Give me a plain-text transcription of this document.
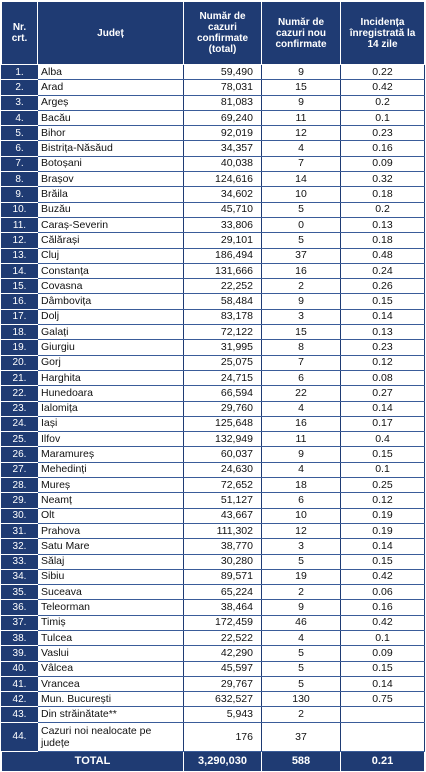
Nr. crt.	Județ	Număr de cazuri confirmate (total)	Număr de cazuri nou confirmate	Incidența înregistrată la 14 zile
1.	Alba	59,490	9	0.22
2.	Arad	78,031	15	0.42
3.	Argeș	81,083	9	0.2
4.	Bacău	69,240	11	0.1
5.	Bihor	92,019	12	0.23
6.	Bistrița-Năsăud	34,357	4	0.16
7.	Botoșani	40,038	7	0.09
8.	Brașov	124,616	14	0.32
9.	Brăila	34,602	10	0.18
10.	Buzău	45,710	5	0.2
11.	Caraș-Severin	33,806	0	0.13
12.	Călărași	29,101	5	0.18
13.	Cluj	186,494	37	0.48
14.	Constanța	131,666	16	0.24
15.	Covasna	22,252	2	0.26
16.	Dâmbovița	58,484	9	0.15
17.	Dolj	83,178	3	0.14
18.	Galați	72,122	15	0.13
19.	Giurgiu	31,995	8	0.23
20.	Gorj	25,075	7	0.12
21.	Harghita	24,715	6	0.08
22.	Hunedoara	66,594	22	0.27
23.	Ialomița	29,760	4	0.14
24.	Iași	125,648	16	0.17
25.	Ilfov	132,949	11	0.4
26.	Maramureș	60,037	9	0.15
27.	Mehedinți	24,630	4	0.1
28.	Mureș	72,652	18	0.25
29.	Neamț	51,127	6	0.12
30.	Olt	43,667	10	0.19
31.	Prahova	111,302	12	0.19
32.	Satu Mare	38,770	3	0.14
33.	Sălaj	30,280	5	0.15
34.	Sibiu	89,571	19	0.42
35.	Suceava	65,224	2	0.06
36.	Teleorman	38,464	9	0.16
37.	Timiș	172,459	46	0.42
38.	Tulcea	22,522	4	0.1
39.	Vaslui	42,290	5	0.09
40.	Vâlcea	45,597	5	0.15
41.	Vrancea	29,767	5	0.14
42.	Mun. București	632,527	130	0.75
43.	Din străinătate**	5,943	2	
44.	Cazuri noi nealocate pe județe	176	37	
TOTAL		3,290,030	588	0.21
